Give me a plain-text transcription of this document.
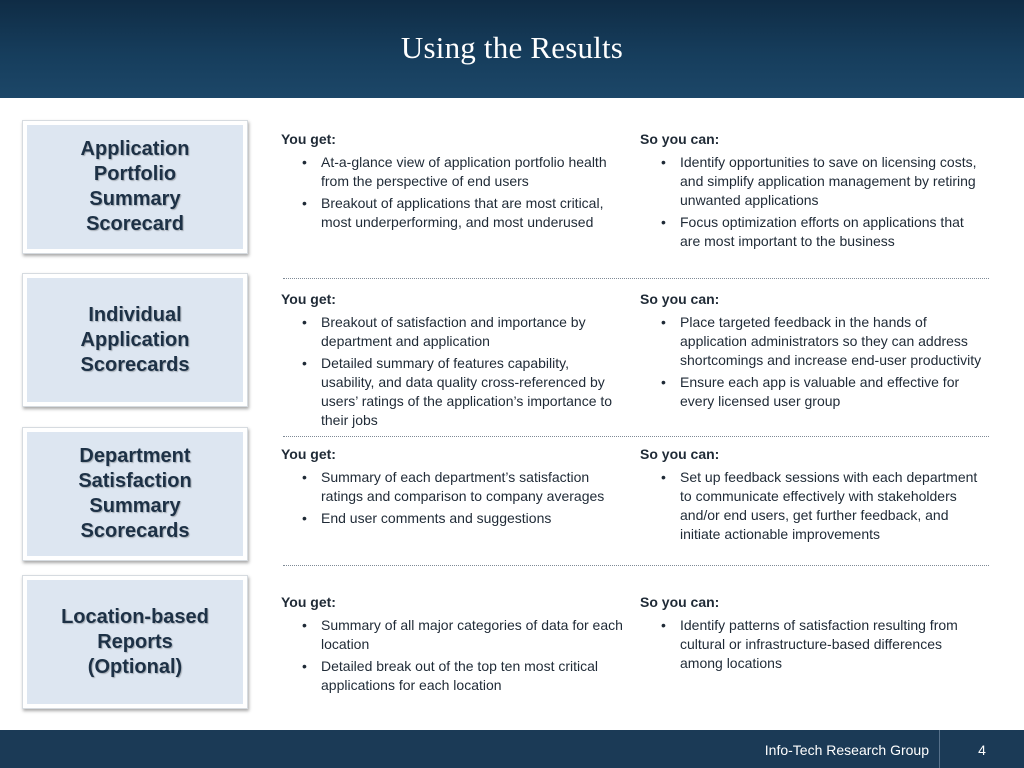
Using the Results
Application
Portfolio
Summary
Scorecard
You get:
• At-a-glance view of application portfolio health from the perspective of end users
• Breakout of applications that are most critical, most underperforming, and most underused
So you can:
• Identify opportunities to save on licensing costs, and simplify application management by retiring unwanted applications
• Focus optimization efforts on applications that are most important to the business
Individual
Application
Scorecards
You get:
• Breakout of satisfaction and importance by department and application
• Detailed summary of features capability, usability, and data quality cross-referenced by users’ ratings of the application’s importance to their jobs
So you can:
• Place targeted feedback in the hands of application administrators so they can address shortcomings and increase end-user productivity
• Ensure each app is valuable and effective for every licensed user group
Department
Satisfaction
Summary
Scorecards
You get:
• Summary of each department’s satisfaction ratings and comparison to company averages
• End user comments and suggestions
So you can:
• Set up feedback sessions with each department to communicate effectively with stakeholders and/or end users, get further feedback, and initiate actionable improvements
Location-based
Reports
(Optional)
You get:
• Summary of all major categories of data for each location
• Detailed break out of the top ten most critical applications for each location
So you can:
• Identify patterns of satisfaction resulting from cultural or infrastructure-based differences among locations
Info-Tech Research Group	4
